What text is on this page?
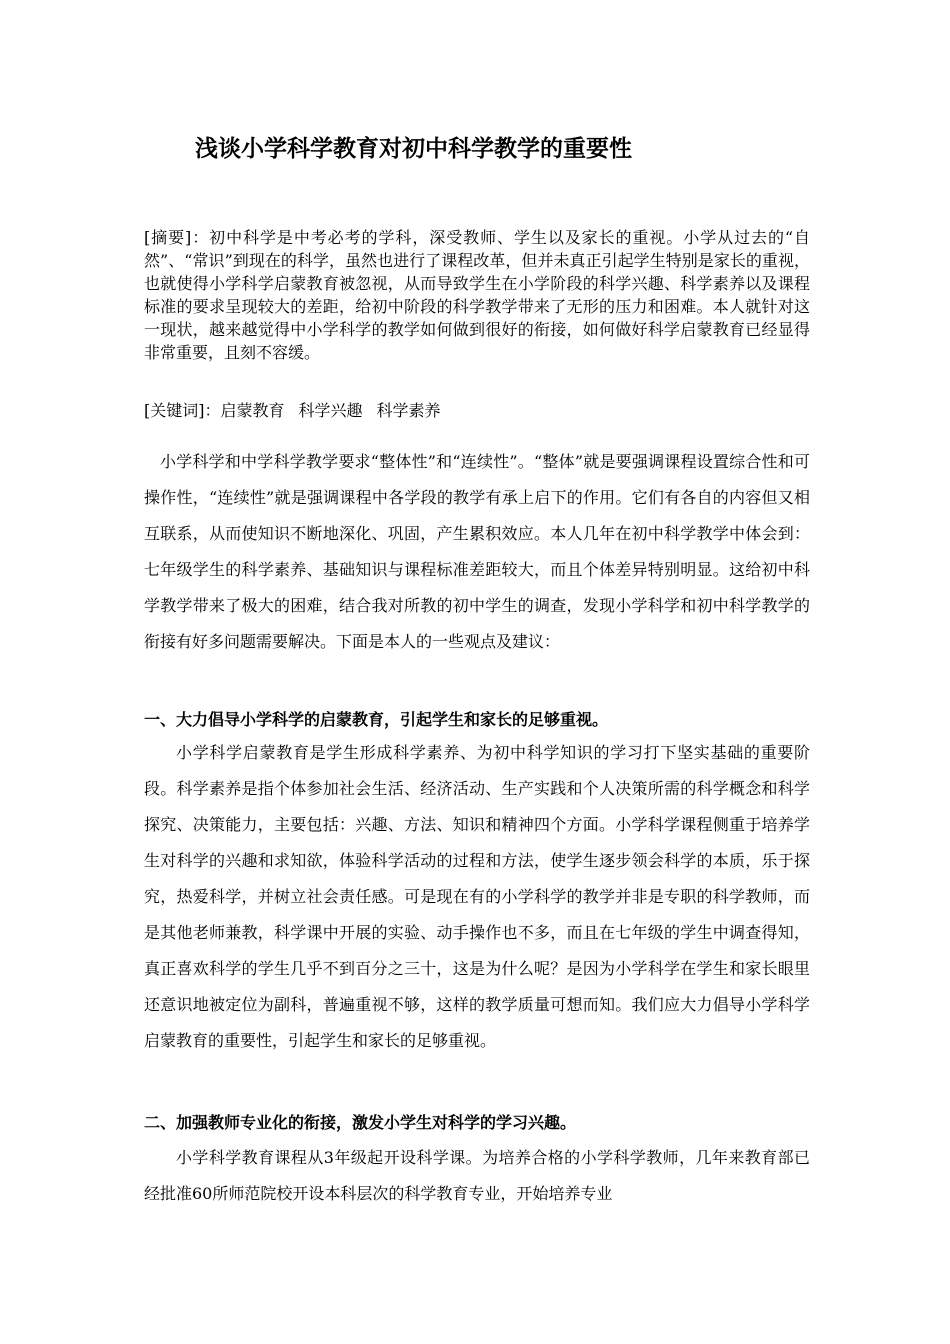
浅谈小学科学教育对初中科学教学的重要性

[摘要]：初中科学是中考必考的学科，深受教师、学生以及家长的重视。小学从过去的“自然”、“常识”到现在的科学，虽然也进行了课程改革，但并未真正引起学生特别是家长的重视，也就使得小学科学启蒙教育被忽视，从而导致学生在小学阶段的科学兴趣、科学素养以及课程标准的要求呈现较大的差距，给初中阶段的科学教学带来了无形的压力和困难。本人就针对这一现状，越来越觉得中小学科学的教学如何做到很好的衔接，如何做好科学启蒙教育已经显得非常重要，且刻不容缓。

[关键词]：启蒙教育 科学兴趣 科学素养

小学科学和中学科学教学要求“整体性”和“连续性”。“整体”就是要强调课程设置综合性和可操作性，“连续性”就是强调课程中各学段的教学有承上启下的作用。它们有各自的内容但又相互联系，从而使知识不断地深化、巩固，产生累积效应。本人几年在初中科学教学中体会到：七年级学生的科学素养、基础知识与课程标准差距较大，而且个体差异特别明显。这给初中科学教学带来了极大的困难，结合我对所教的初中学生的调查，发现小学科学和初中科学教学的衔接有好多问题需要解决。下面是本人的一些观点及建议：

一、大力倡导小学科学的启蒙教育，引起学生和家长的足够重视。

小学科学启蒙教育是学生形成科学素养、为初中科学知识的学习打下坚实基础的重要阶段。科学素养是指个体参加社会生活、经济活动、生产实践和个人决策所需的科学概念和科学探究、决策能力，主要包括：兴趣、方法、知识和精神四个方面。小学科学课程侧重于培养学生对科学的兴趣和求知欲，体验科学活动的过程和方法，使学生逐步领会科学的本质，乐于探究，热爱科学，并树立社会责任感。可是现在有的小学科学的教学并非是专职的科学教师，而是其他老师兼教，科学课中开展的实验、动手操作也不多，而且在七年级的学生中调查得知，真正喜欢科学的学生几乎不到百分之三十，这是为什么呢？是因为小学科学在学生和家长眼里还意识地被定位为副科，普遍重视不够，这样的教学质量可想而知。我们应大力倡导小学科学启蒙教育的重要性，引起学生和家长的足够重视。

二、加强教师专业化的衔接，激发小学生对科学的学习兴趣。

小学科学教育课程从3年级起开设科学课。为培养合格的小学科学教师，几年来教育部已经批准60所师范院校开设本科层次的科学教育专业，开始培养专业
